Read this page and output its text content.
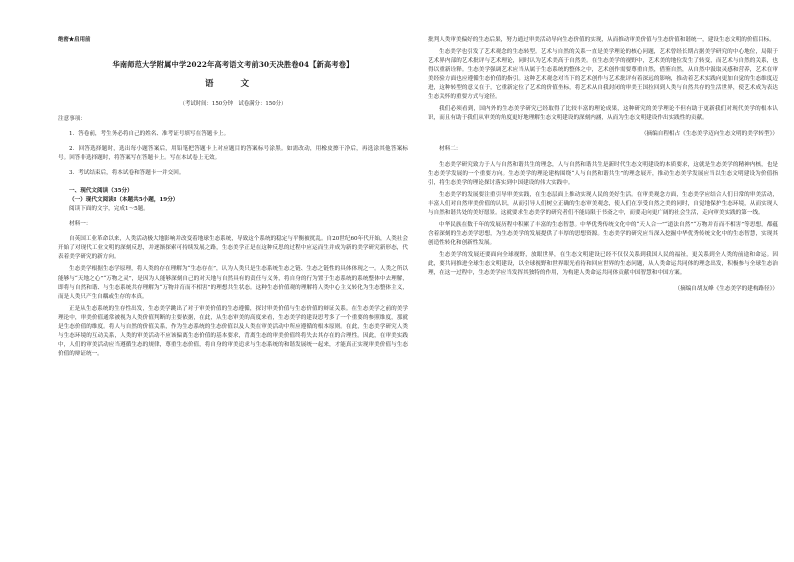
绝密★启用前
华南师范大学附属中学2022年高考语文考前30天决胜卷04【新高考卷】
语 文
（考试时间：150分钟　试卷满分：150分）
注意事项：

1．答卷前，考生务必将自己的姓名、准考证号填写在答题卡上。

2．回答选择题时，选出每小题答案后，用铅笔把答题卡上对应题目的答案标号涂黑。如需改动，用橡皮擦干净后，再选涂其他答案标号。回答非选择题时，将答案写在答题卡上。写在本试卷上无效。

3．考试结束后，将本试卷和答题卡一并交回。

一、现代文阅读（35分）
（一）现代文阅读Ⅰ（本题共5小题，19分）
阅读下面的文字，完成1～5题。
材料一：

自英国工业革命以来，人类活动极大地影响并改变着地球生态系统，导致这个系统的稳定与平衡被扰乱。自20世纪60年代开始，人类社会开始了对现代工业文明的深刻反思，并逐渐探索可持续发展之路，生态美学正是在这种反思的过程中应运而生并成为新的美学研究新形态，代表着美学研究的新方向。

生态美学根据生态学原理，将人类的存在理解为“生态存在”，认为人类只是生态系统生态之链、生态之链性的具体体现之一。人类之所以能够与“天地之心”“万物之灵”，是因为人能够深刻自己的对天地与自然具有的责任与义务，将自身的行为置于生态系统的系统整体中去理解，即将与自然和谐、与生态系统共存理解为“万物并育而不相害”的理想共生状态。这种生态价值观的理解将人类中心主义转化为生态整体主义，而是人类只产生自耦或生存的本真。

正是从生态系统的生存性出发，生态美学跳出了对于审美价值的生态遵循，探讨审美价值与生态价值的辩证关系。在生态美学之前的美学理论中，审美价值通常被视为人类价值判断的主要依据，在此，从生态审美的高度来看，生态美学的建设思考多了一个重要的参照维度，那就是生态价值的维度。将人与自然的价值关系，作为生态系统的生态价值以及人类在审美活动中所应遵循的根本原则。在此，生态美学研究人类与生态环境的互动关系，人类的审美活动不应该偏离生态价值的基本要求，背离生态的审美价值终将失去其存在的合理性。因此，在审美实践中，人们的审美活动应当遵循生态的规律，尊重生态价值，将自身的审美追求与生态系统的和谐发展统一起来，才能真正实现审美价值与生态价值的辩证统一。

批判人类审美偏好的生态后果，努力通过审美活动导向生态价值的实现，从而推动审美价值与生态价值和谐统一，建设生态文明的价值目标。

生态美学也引发了艺术观念的生态转型。艺术与自然的关系一直是美学理论的核心问题，艺术曾经长期占据美学研究的中心地位，局限于艺术界内部的艺术批评与艺术理论，同时认为艺术美高于自然美。在生态美学的视野中，艺术美的地位发生了转变，而艺术与自然的关系，也得以重新诠释。生态美学强调艺术应当从属于生态系统的整体之中，艺术创作需要尊重自然，借鉴自然，从自然中汲取灵感和营养，艺术在审美经验方面也应遵循生态价值的指引。这种艺术观念对当下的艺术创作与艺术批评有着深远的影响，推动着艺术实践向更加自觉的生态维度迈进，这种转型的意义在于，它重新定位了艺术的价值坐标，将艺术从自我封闭的审美王国拉回到人类与自然共存的生活世界，使艺术成为表达生态关怀的重要方式与途径。

我们必须看到，国内外的生态美学研究已经取得了比较丰富的理论成果，这种研究的美学理论不但有助于更新我们对现代美学的根本认识，而且有助于我们从审美的角度更好地理解生态文明建设的深刻内涵，从而为生态文明建设作出实践性的贡献。

（摘编自程相占《生态美学迈向生态文明的美学转型》）
材料二：

生态美学研究致力于人与自然和谐共生的理念，人与自然和谐共生是新时代生态文明建设的本质要求，这就是生态美学的精神内核，也是生态美学发展的一个重要方向。生态美学的理论建构围绕“人与自然和谐共生”的理念展开，推动生态美学发展应当以生态文明建设为价值指引，将生态美学的理论探讨落实到中国建设的伟大实践中。

生态美学的发展要注重引导审美实践，在生态层面上推动实现人民的美好生活。在审美观念方面，生态美学应结合人们日常的审美活动，丰富人们对自然审美价值的认识，从而引导人们树立正确的生态审美观念，使人们在享受自然之美的同时，自觉地保护生态环境，从而实现人与自然和谐共处的美好愿景。这就要求生态美学的研究者们不能局限于书斋之中，而要走向更广阔的社会生活，走向审美实践的第一线。

中华民族在数千年的发展历程中积累了丰富的生态智慧。中华优秀传统文化中的“天人合一”“道法自然”“万物并育而不相害”等思想，都蕴含着深刻的生态美学思想，为生态美学的发展提供了丰厚的思想资源。生态美学的研究应当深入挖掘中华优秀传统文化中的生态智慧，实现其创造性转化和创新性发展。

生态美学的发展还要面向全球视野，放眼世界，在生态文明建设已经不仅仅关系到我国人民的福祉，更关系到全人类的前途和命运。因此，要共同推进全球生态文明建设，以全球视野和世界眼光看待和回应世界的生态问题，从人类命运共同体的理念出发，积极参与全球生态治理，在这一过程中，生态美学应当发挥其独特的作用，为构建人类命运共同体贡献中国智慧和中国方案。

（摘编自胡友峰《生态美学的建构路径》）
